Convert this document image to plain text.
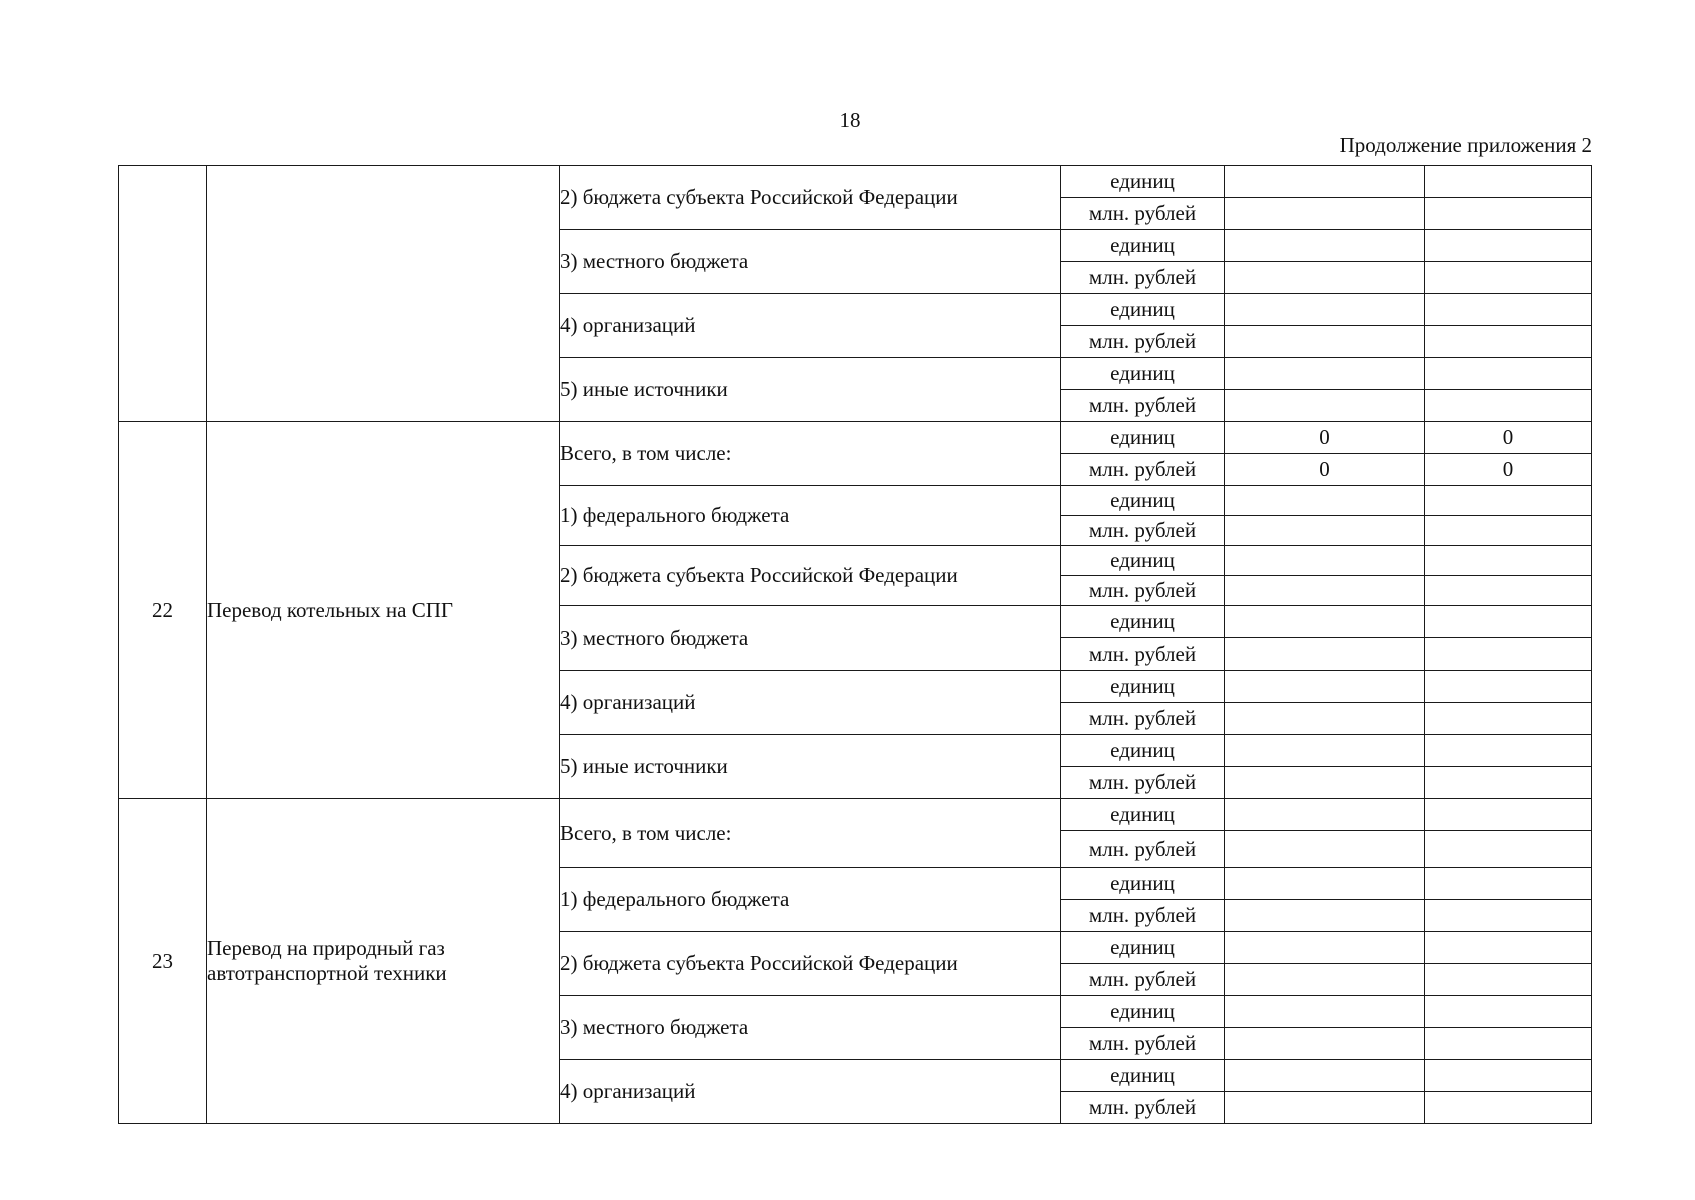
18
Продолжение приложения 2
		2) бюджета субъекта Российской Федерации	единиц		
			млн. рублей		
		3) местного бюджета	единиц		
			млн. рублей		
		4) организаций	единиц		
			млн. рублей		
		5) иные источники	единиц		
			млн. рублей		
22	Перевод котельных на СПГ	Всего, в том числе:	единиц	0	0
			млн. рублей	0	0
		1) федерального бюджета	единиц		
			млн. рублей		
		2) бюджета субъекта Российской Федерации	единиц		
			млн. рублей		
		3) местного бюджета	единиц		
			млн. рублей		
		4) организаций	единиц		
			млн. рублей		
		5) иные источники	единиц		
			млн. рублей		
23	Перевод на природный газ автотранспортной техники	Всего, в том числе:	единиц		
			млн. рублей		
		1) федерального бюджета	единиц		
			млн. рублей		
		2) бюджета субъекта Российской Федерации	единиц		
			млн. рублей		
		3) местного бюджета	единиц		
			млн. рублей		
		4) организаций	единиц		
			млн. рублей		
